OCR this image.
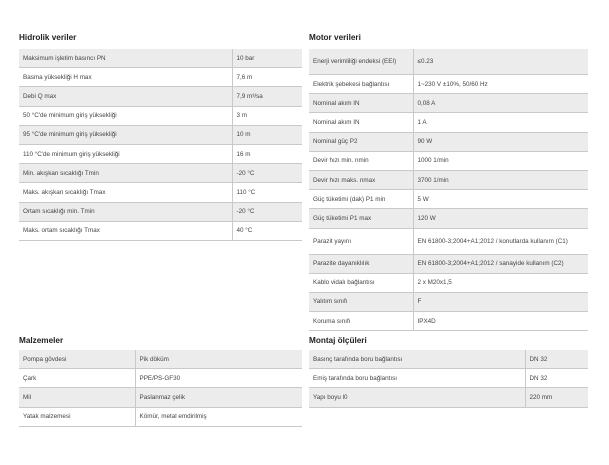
Hidrolik veriler
Maksimum işletim basıncı PN	10 bar
Basma yüksekliği H max	7,6 m
Debi Q max	7,9 m³/sa
50 °C'de minimum giriş yüksekliği	3 m
95 °C'de minimum giriş yüksekliği	10 m
110 °C'de minimum giriş yüksekliği	16 m
Min. akışkan sıcaklığı Tmin	-20 °C
Maks. akışkan sıcaklığı Tmax	110 °C
Ortam sıcaklığı min. Tmin	-20 °C
Maks. ortam sıcaklığı Tmax	40 °C
Motor verileri
Enerji verimliliği endeksi (EEI)	≤0.23
Elektrik şebekesi bağlantısı	1~230 V ±10%, 50/60 Hz
Nominal akım IN	0,08 A
Nominal akım IN	1 A
Nominal güç P2	90 W
Devir hızı min. nmin	1000 1/min
Devir hızı maks. nmax	3700 1/min
Güç tüketimi (dak) P1 min	5 W
Güç tüketimi P1 max	120 W
Parazit yayını	EN 61800-3;2004+A1;2012 / konutlarda kullanım (C1)
Parazite dayanıklılık	EN 61800-3;2004+A1;2012 / sanayide kullanım (C2)
Kablo vidalı bağlantısı	2 x M20x1,5
Yalıtım sınıfı	F
Koruma sınıfı	IPX4D
Malzemeler
Pompa gövdesi	Pik döküm
Çark	PPE/PS-GF30
Mil	Paslanmaz çelik
Yatak malzemesi	Kömür, metal emdirilmiş
Montaj ölçüleri
Basınç tarafında boru bağlantısı	DN 32
Emiş tarafında boru bağlantısı	DN 32
Yapı boyu l0	220 mm
